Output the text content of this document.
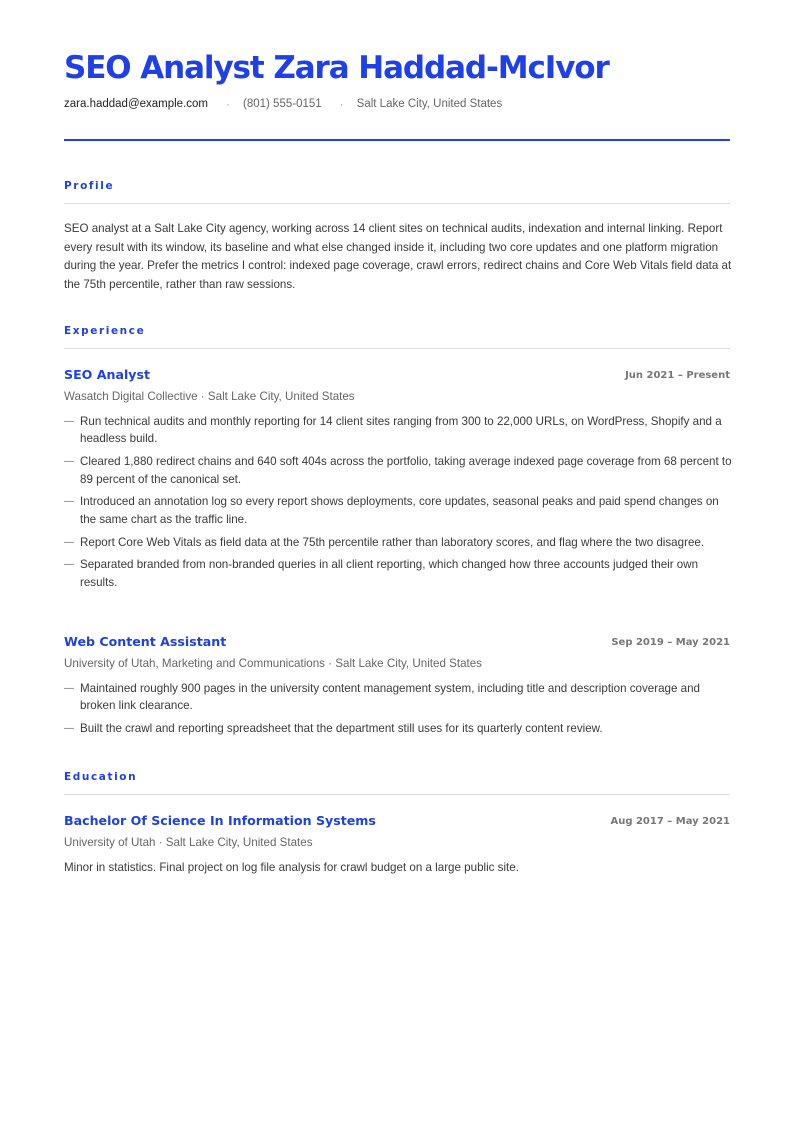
SEO Analyst Zara Haddad-McIvor
zara.haddad@example.com · (801) 555-0151 · Salt Lake City, United States
Profile

SEO analyst at a Salt Lake City agency, working across 14 client sites on technical audits, indexation and internal linking. Report every result with its window, its baseline and what else changed inside it, including two core updates and one platform migration during the year. Prefer the metrics I control: indexed page coverage, crawl errors, redirect chains and Core Web Vitals field data at the 75th percentile, rather than raw sessions.

Experience
SEO Analyst	Jun 2021 – Present
Wasatch Digital Collective · Salt Lake City, United States
— Run technical audits and monthly reporting for 14 client sites ranging from 300 to 22,000 URLs, on WordPress, Shopify and a headless build.
— Cleared 1,880 redirect chains and 640 soft 404s across the portfolio, taking average indexed page coverage from 68 percent to 89 percent of the canonical set.
— Introduced an annotation log so every report shows deployments, core updates, seasonal peaks and paid spend changes on the same chart as the traffic line.
— Report Core Web Vitals as field data at the 75th percentile rather than laboratory scores, and flag where the two disagree.
— Separated branded from non-branded queries in all client reporting, which changed how three accounts judged their own results.
Web Content Assistant	Sep 2019 – May 2021
University of Utah, Marketing and Communications · Salt Lake City, United States
— Maintained roughly 900 pages in the university content management system, including title and description coverage and broken link clearance.
— Built the crawl and reporting spreadsheet that the department still uses for its quarterly content review.
Education
Bachelor Of Science In Information Systems	Aug 2017 – May 2021
University of Utah · Salt Lake City, United States
Minor in statistics. Final project on log file analysis for crawl budget on a large public site.
